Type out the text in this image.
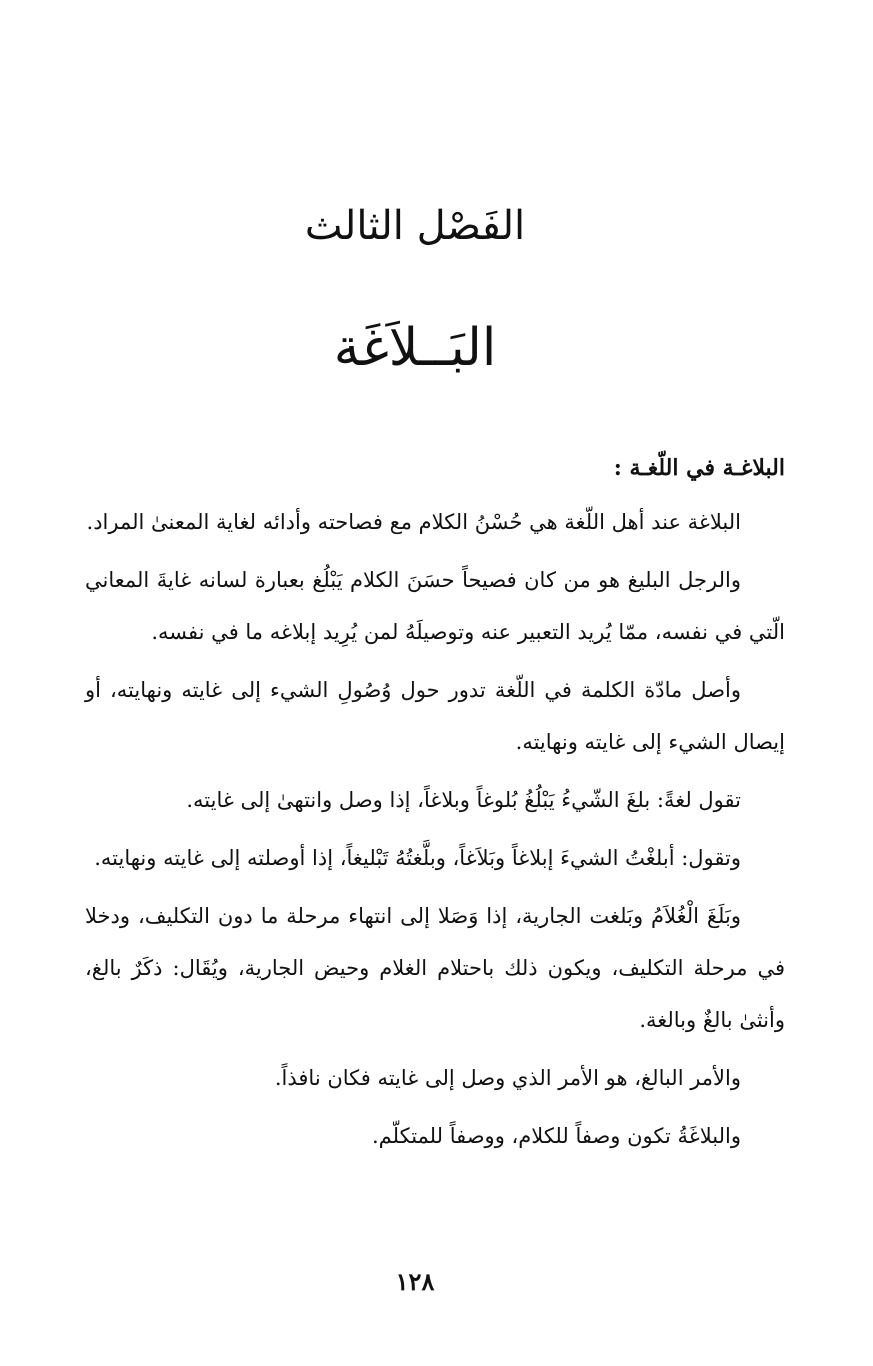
الفَصْل الثالث
البَــلاَغَة
البلاغـة في اللّغـة :

البلاغة عند أهل اللّغة هي حُسْنُ الكلام مع فصاحته وأدائه لغاية المعنىٰ المراد.

والرجل البليغ هو من كان فصيحاً حسَنَ الكلام يَبْلُغ بعبارة لسانه غايةَ المعاني الّتي في نفسه، ممّا يُريد التعبير عنه وتوصيلَهُ لمن يُرِيد إبلاغه ما في نفسه.

وأصل مادّة الكلمة في اللّغة تدور حول وُصُولِ الشيء إلى غايته ونهايته، أو إيصال الشيء إلى غايته ونهايته.

تقول لغةً: بلغَ الشّيءُ يَبْلُغُ بُلوغاً وبلاغاً، إذا وصل وانتهىٰ إلى غايته.

وتقول: أبلغْتُ الشيءَ إبلاغاً وبَلاَغاً، وبلَّغتُهُ تَبْليغاً، إذا أوصلته إلى غايته ونهايته.

وبَلَغَ الْغُلاَمُ وبَلغت الجارية، إذا وَصَلا إلى انتهاء مرحلة ما دون التكليف، ودخلا في مرحلة التكليف، ويكون ذلك باحتلام الغلام وحيض الجارية، ويُقَال: ذكَرٌ بالغ، وأنثىٰ بالغٌ وبالغة.

والأمر البالغ، هو الأمر الذي وصل إلى غايته فكان نافذاً.

والبلاغَةُ تكون وصفاً للكلام، ووصفاً للمتكلّم.

١٢٨
